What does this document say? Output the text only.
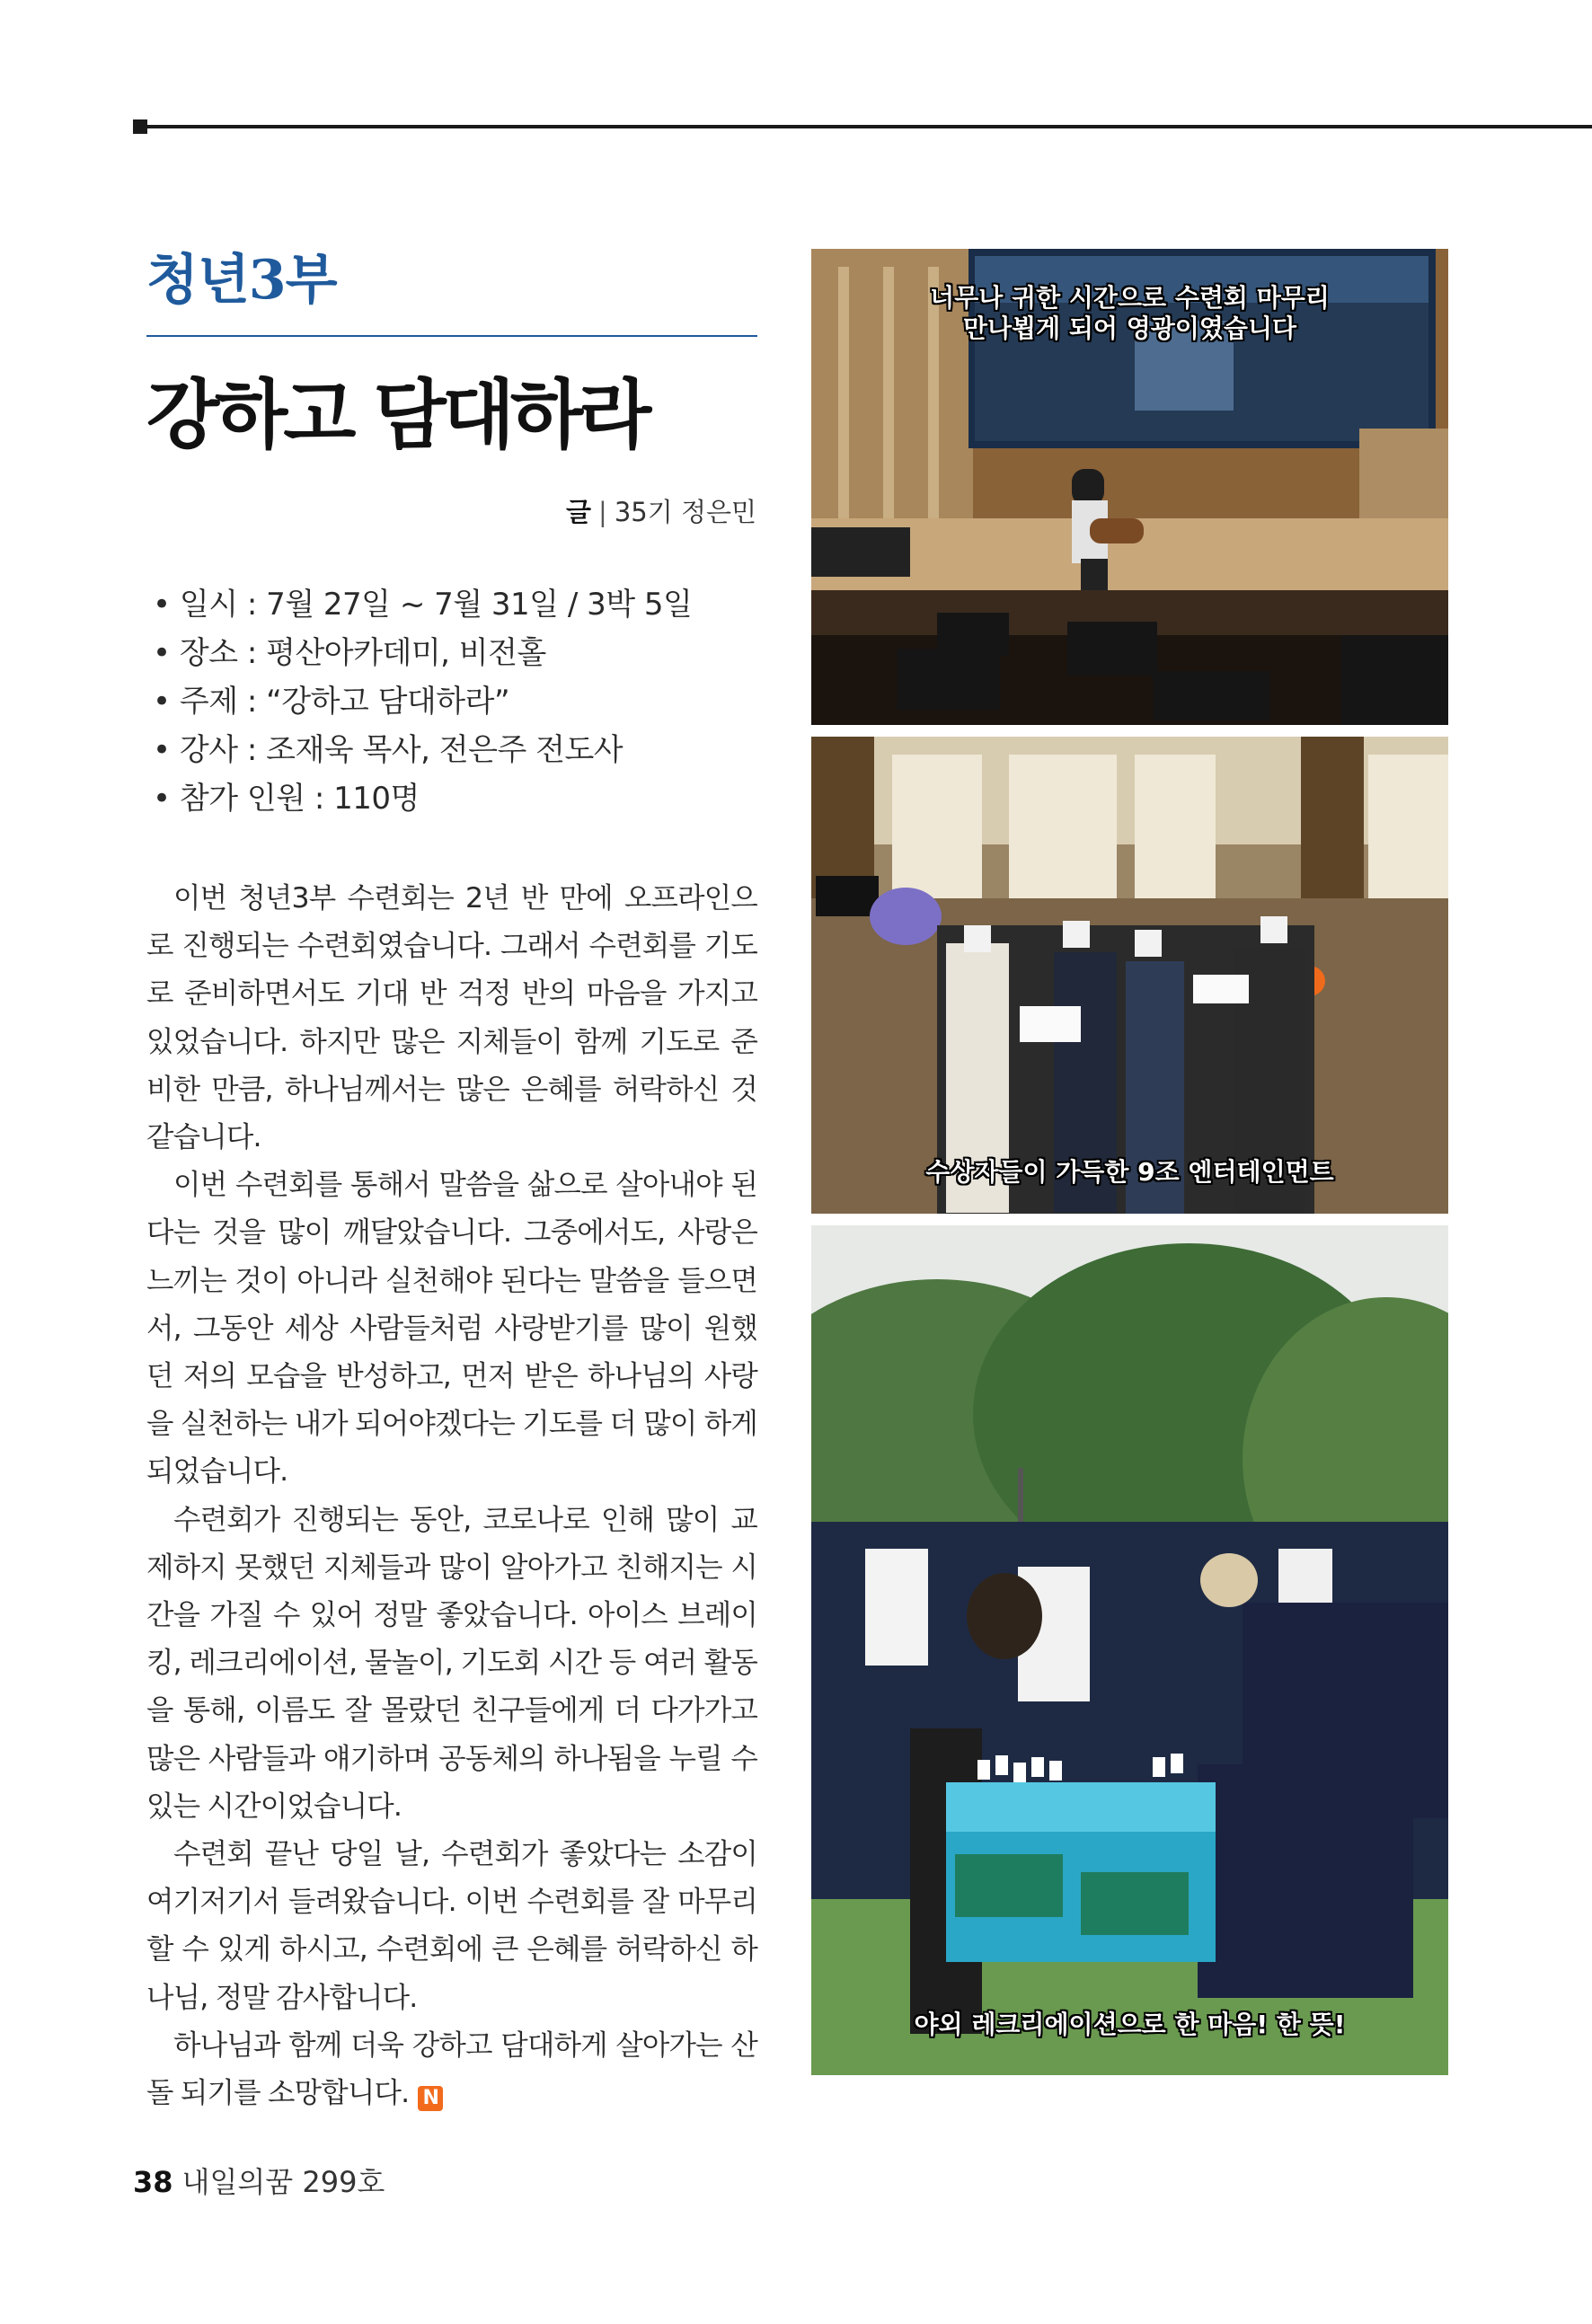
청년3부
강하고 담대하라
글 | 35기 정은민
• 일시 : 7월 27일 ~ 7월 31일 / 3박 5일
• 장소 : 평산아카데미, 비전홀
• 주제 : “강하고 담대하라”
• 강사 : 조재욱 목사, 전은주 전도사
• 참가 인원 : 110명

이번 청년3부 수련회는 2년 반 만에 오프라인으로 진행되는 수련회였습니다. 그래서 수련회를 기도로 준비하면서도 기대 반 걱정 반의 마음을 가지고 있었습니다. 하지만 많은 지체들이 함께 기도로 준비한 만큼, 하나님께서는 많은 은혜를 허락하신 것 같습니다.

이번 수련회를 통해서 말씀을 삶으로 살아내야 된다는 것을 많이 깨달았습니다. 그중에서도, 사랑은 느끼는 것이 아니라 실천해야 된다는 말씀을 들으면서, 그동안 세상 사람들처럼 사랑받기를 많이 원했던 저의 모습을 반성하고, 먼저 받은 하나님의 사랑을 실천하는 내가 되어야겠다는 기도를 더 많이 하게 되었습니다.

수련회가 진행되는 동안, 코로나로 인해 많이 교제하지 못했던 지체들과 많이 알아가고 친해지는 시간을 가질 수 있어 정말 좋았습니다. 아이스 브레이킹, 레크리에이션, 물놀이, 기도회 시간 등 여러 활동을 통해, 이름도 잘 몰랐던 친구들에게 더 다가가고 많은 사람들과 얘기하며 공동체의 하나됨을 누릴 수 있는 시간이었습니다.

수련회 끝난 당일 날, 수련회가 좋았다는 소감이 여기저기서 들려왔습니다. 이번 수련회를 잘 마무리할 수 있게 하시고, 수련회에 큰 은혜를 허락하신 하나님, 정말 감사합니다.

하나님과 함께 더욱 강하고 담대하게 살아가는 산돌 되기를 소망합니다. N

너무나 귀한 시간으로 수련회 마무리
만나뵙게 되어 영광이였습니다
수상자들이 가득한 9조 엔터테인먼트
야외 레크리에이션으로 한 마음! 한 뜻!
38 내일의꿈 299호
